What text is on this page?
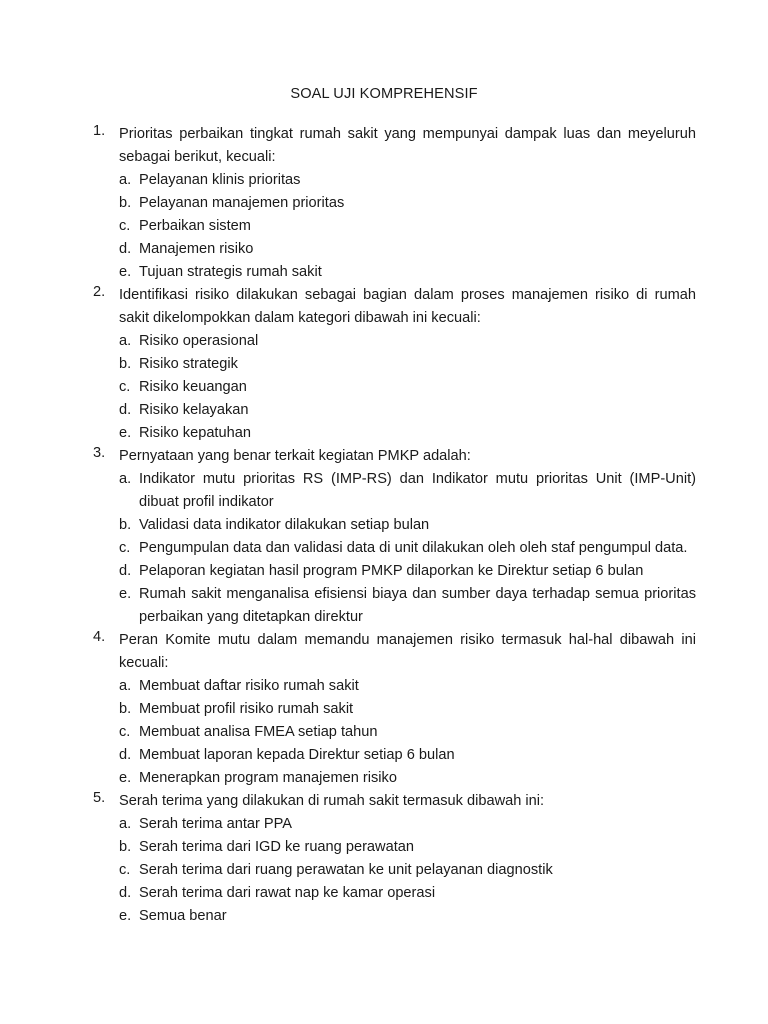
SOAL UJI KOMPREHENSIF
1. Prioritas perbaikan tingkat rumah sakit yang mempunyai dampak luas dan meyeluruh sebagai berikut, kecuali:
a. Pelayanan klinis prioritas
b. Pelayanan manajemen prioritas
c. Perbaikan sistem
d. Manajemen risiko
e. Tujuan strategis rumah sakit
2. Identifikasi risiko dilakukan sebagai bagian dalam proses manajemen risiko di rumah sakit dikelompokkan dalam kategori dibawah ini kecuali:
a. Risiko operasional
b. Risiko strategik
c. Risiko keuangan
d. Risiko kelayakan
e. Risiko kepatuhan
3. Pernyataan yang benar terkait kegiatan PMKP adalah:
a. Indikator mutu prioritas RS (IMP-RS) dan Indikator mutu prioritas Unit (IMP-Unit) dibuat profil indikator
b. Validasi data indikator dilakukan setiap bulan
c. Pengumpulan data dan validasi data di unit dilakukan oleh oleh staf pengumpul data.
d. Pelaporan kegiatan hasil program PMKP dilaporkan ke Direktur setiap 6 bulan
e. Rumah sakit menganalisa efisiensi biaya dan sumber daya terhadap semua prioritas perbaikan yang ditetapkan direktur
4. Peran Komite mutu dalam memandu manajemen risiko termasuk hal-hal dibawah ini kecuali:
a. Membuat daftar risiko rumah sakit
b. Membuat profil risiko rumah sakit
c. Membuat analisa FMEA setiap tahun
d. Membuat laporan kepada Direktur setiap 6 bulan
e. Menerapkan program manajemen risiko
5. Serah terima yang dilakukan di rumah sakit termasuk dibawah ini:
a. Serah terima antar PPA
b. Serah terima dari IGD ke ruang perawatan
c. Serah terima dari ruang perawatan ke unit pelayanan diagnostik
d. Serah terima dari rawat nap ke kamar operasi
e. Semua benar
